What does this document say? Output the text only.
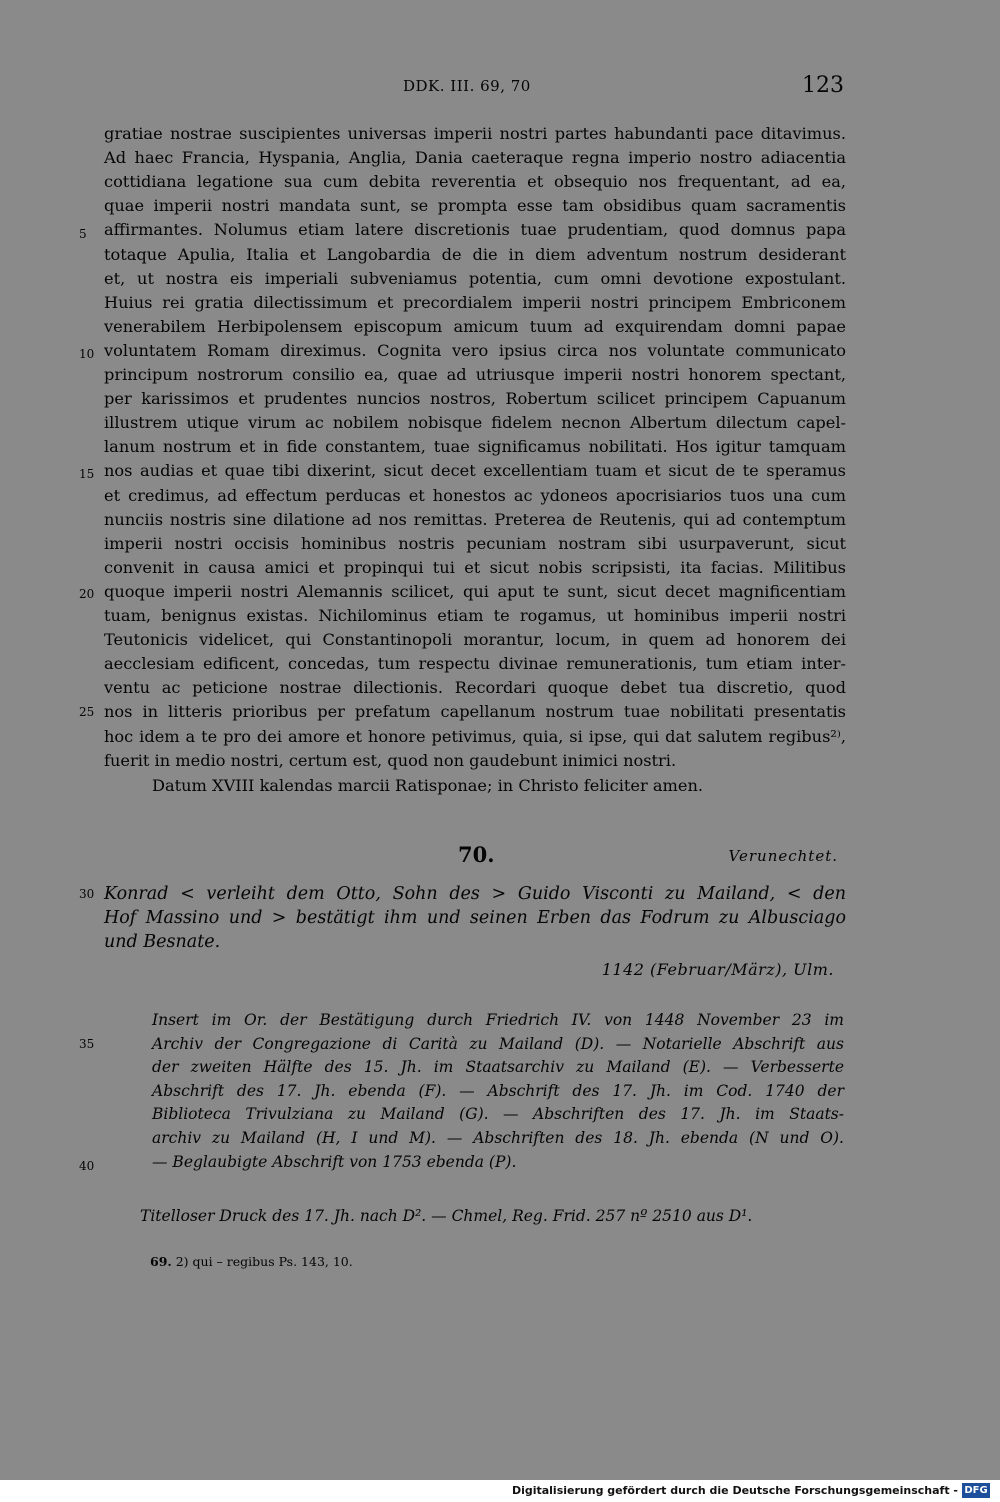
DDK. III. 69, 70	123
gratiae nostrae suscipientes universas imperii nostri partes habundanti pace ditavimus.
Ad haec Francia, Hyspania, Anglia, Dania caeteraque regna imperio nostro adiacentia
cottidiana legatione sua cum debita reverentia et obsequio nos frequentant, ad ea,
quae imperii nostri mandata sunt, se prompta esse tam obsidibus quam sacramentis
affirmantes. Nolumus etiam latere discretionis tuae prudentiam, quod domnus papa
totaque Apulia, Italia et Langobardia de die in diem adventum nostrum desiderant
et, ut nostra eis imperiali subveniamus potentia, cum omni devotione expostulant.
Huius rei gratia dilectissimum et precordialem imperii nostri principem Embriconem
venerabilem Herbipolensem episcopum amicum tuum ad exquirendam domni papae
voluntatem Romam direximus. Cognita vero ipsius circa nos voluntate communicato
principum nostrorum consilio ea, quae ad utriusque imperii nostri honorem spectant,
per karissimos et prudentes nuncios nostros, Robertum scilicet principem Capuanum
illustrem utique virum ac nobilem nobisque fidelem necnon Albertum dilectum capel-
lanum nostrum et in fide constantem, tuae significamus nobilitati. Hos igitur tamquam
nos audias et quae tibi dixerint, sicut decet excellentiam tuam et sicut de te speramus
et credimus, ad effectum perducas et honestos ac ydoneos apocrisiarios tuos una cum
nunciis nostris sine dilatione ad nos remittas. Preterea de Reutenis, qui ad contemptum
imperii nostri occisis hominibus nostris pecuniam nostram sibi usurpaverunt, sicut
convenit in causa amici et propinqui tui et sicut nobis scripsisti, ita facias. Militibus
quoque imperii nostri Alemannis scilicet, qui aput te sunt, sicut decet magnificentiam
tuam, benignus existas. Nichilominus etiam te rogamus, ut hominibus imperii nostri
Teutonicis videlicet, qui Constantinopoli morantur, locum, in quem ad honorem dei
aecclesiam edificent, concedas, tum respectu divinae remunerationis, tum etiam inter-
ventu ac peticione nostrae dilectionis. Recordari quoque debet tua discretio, quod
nos in litteris prioribus per prefatum capellanum nostrum tuae nobilitati presentatis
hoc idem a te pro dei amore et honore petivimus, quia, si ipse, qui dat salutem regibus²⁾,
fuerit in medio nostri, certum est, quod non gaudebunt inimici nostri.
Datum XVIII kalendas marcii Ratisponae; in Christo feliciter amen.
5
10
15
20
25
30
35
40
70.	Verunechtet.
Konrad < verleiht dem Otto, Sohn des > Guido Visconti zu Mailand, < den
Hof Massino und > bestätigt ihm und seinen Erben das Fodrum zu Albusciago
und Besnate.
1142 (Februar/März), Ulm.
Insert im Or. der Bestätigung durch Friedrich IV. von 1448 November 23 im
Archiv der Congregazione di Carità zu Mailand (D). — Notarielle Abschrift aus
der zweiten Hälfte des 15. Jh. im Staatsarchiv zu Mailand (E). — Verbesserte
Abschrift des 17. Jh. ebenda (F). — Abschrift des 17. Jh. im Cod. 1740 der
Biblioteca Trivulziana zu Mailand (G). — Abschriften des 17. Jh. im Staats-
archiv zu Mailand (H, I und M). — Abschriften des 18. Jh. ebenda (N und O).
— Beglaubigte Abschrift von 1753 ebenda (P).
Titelloser Druck des 17. Jh. nach D². — Chmel, Reg. Frid. 257 nº 2510 aus D¹.
69. 2) qui – regibus Ps. 143, 10.
Digitalisierung gefördert durch die Deutsche Forschungsgemeinschaft - DFG
